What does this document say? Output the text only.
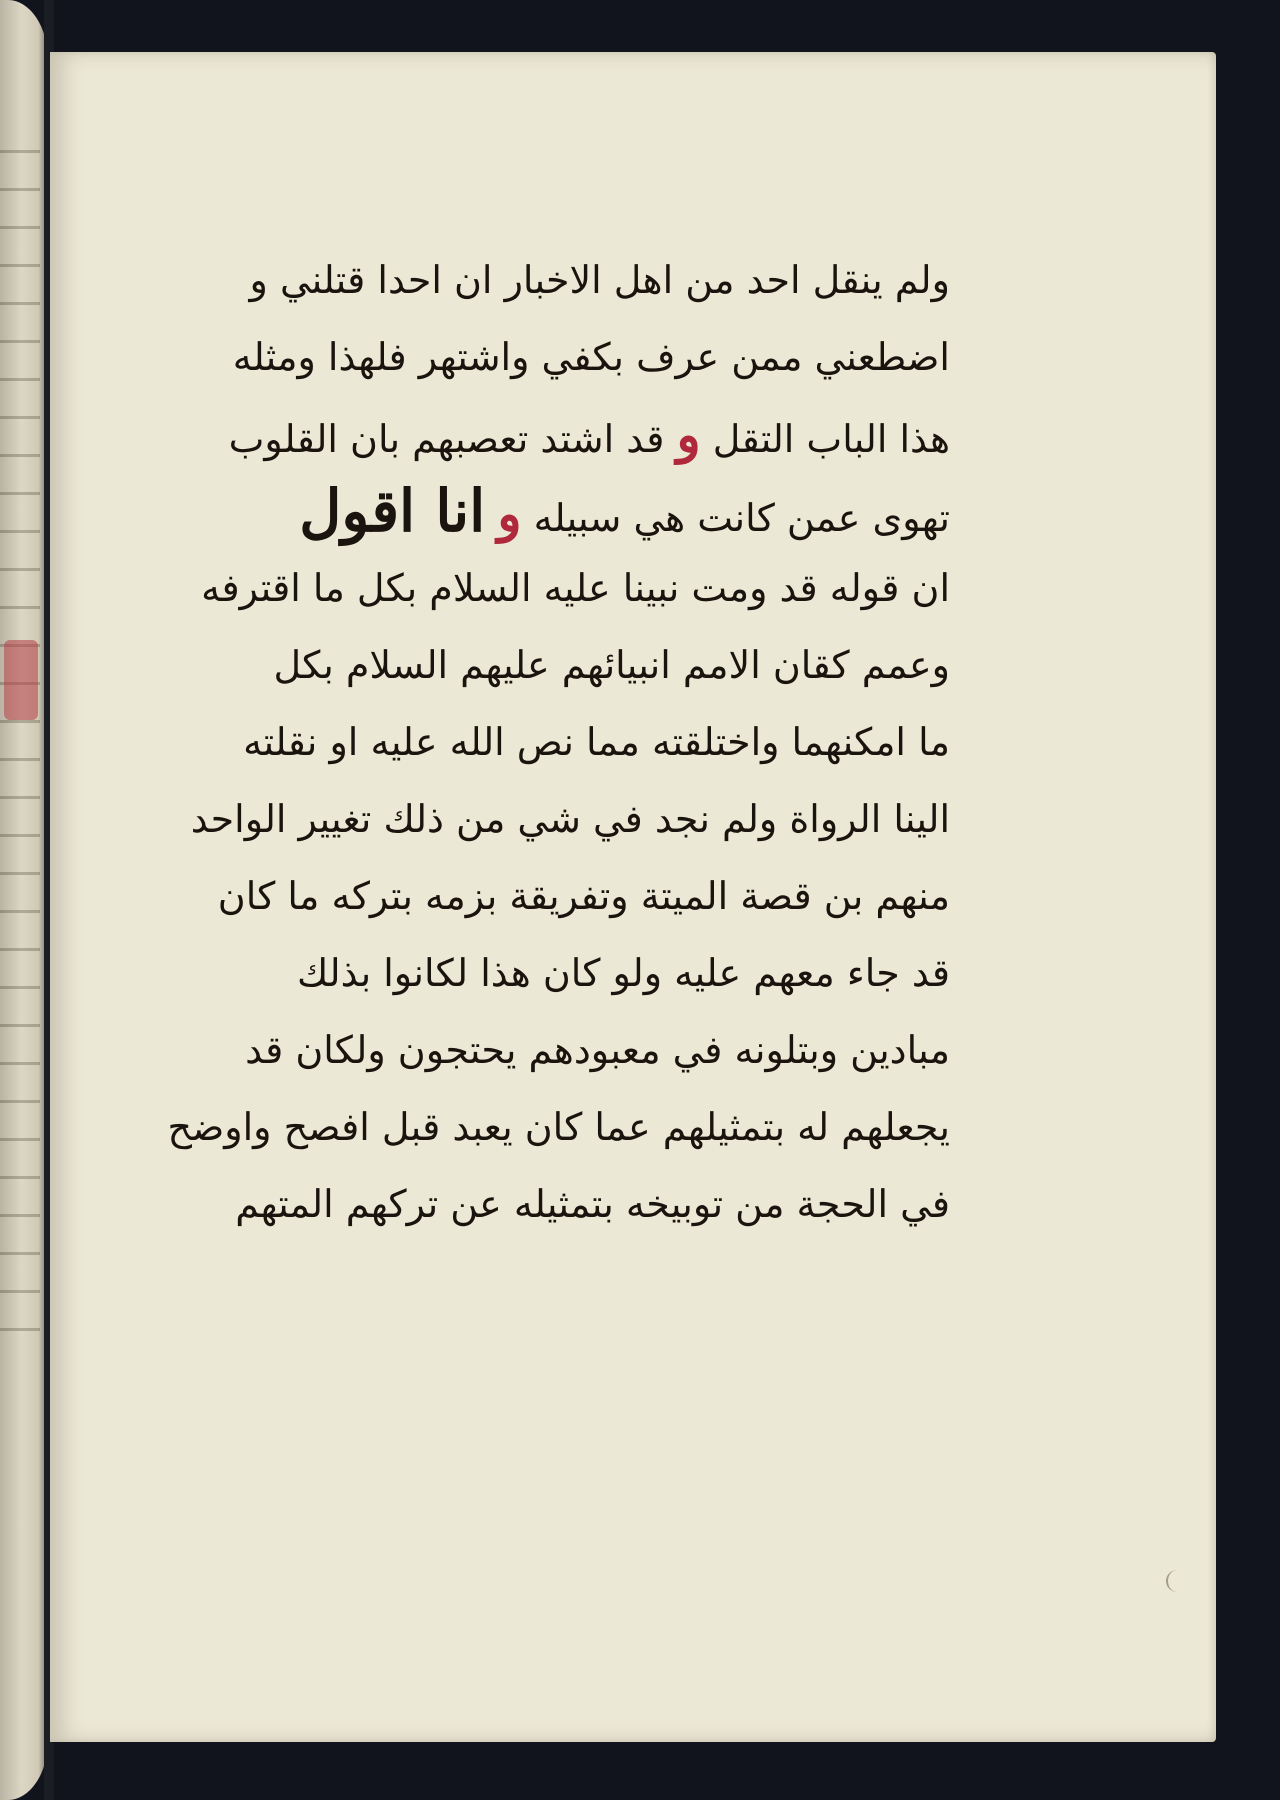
ولم ينقل احد من اهل الاخبار ان احدا قتلني و
اضطعني ممن عرف بكفي واشتهر فلهذا ومثله
هذا الباب التقل و قد اشتد تعصبهم بان القلوب
تهوى عمن كانت هي سبيله و انا اقول
ان قوله قد ومت نبينا عليه السلام بكل ما اقترفه
وعمم كقان الامم انبيائهم عليهم السلام بكل
ما امكنهما واختلقته مما نص الله عليه او نقلته
الينا الرواة ولم نجد في شي من ذلك تغيير الواحد
منهم بن قصة الميتة وتفريقة بزمه بتركه ما كان
قد جاء معهم عليه ولو كان هذا لكانوا بذلك
مبادين وبتلونه في معبودهم يحتجون ولكان قد
يجعلهم له بتمثيلهم عما كان يعبد قبل افصح واوضح
في الحجة من توبيخه بتمثيله عن تركهم المتهم
